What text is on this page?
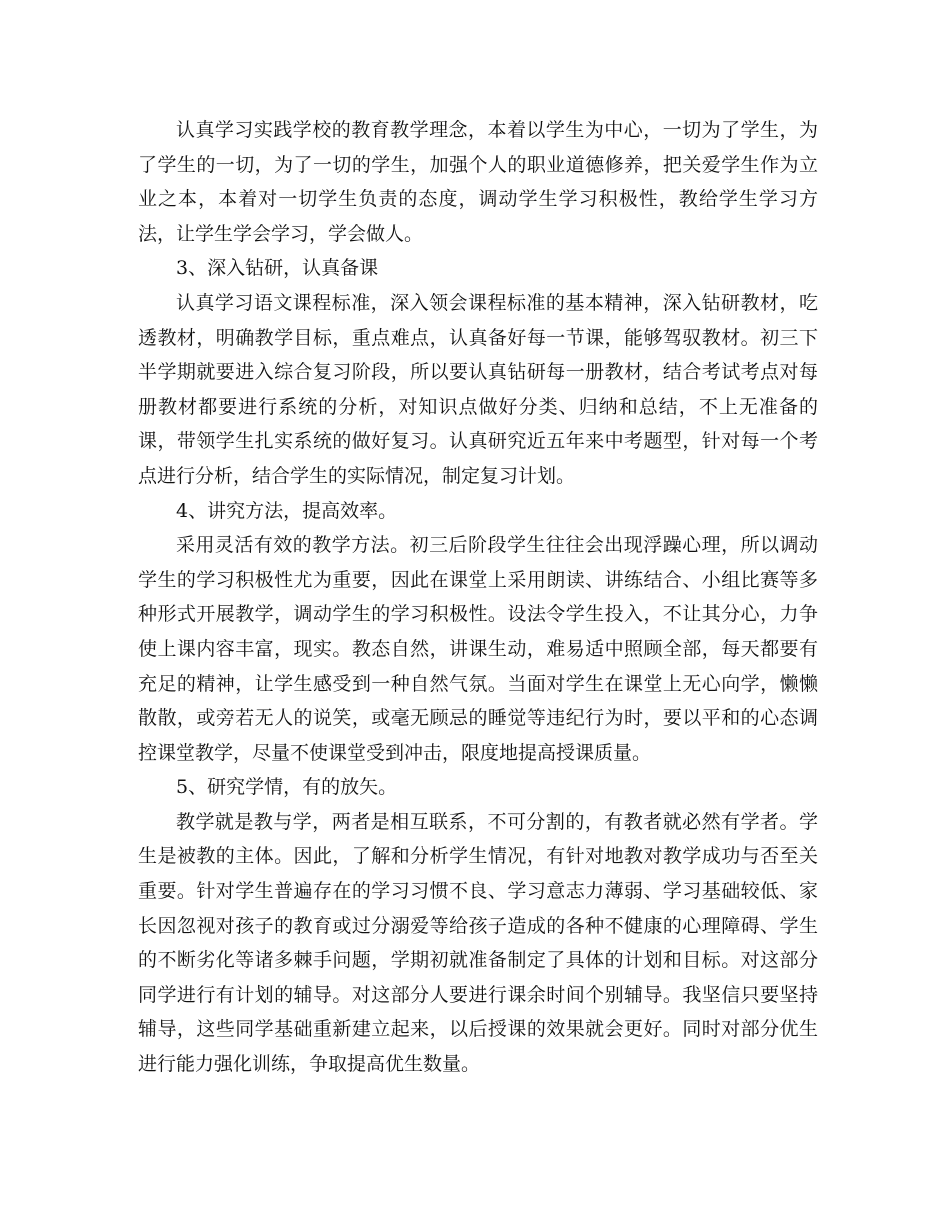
认真学习实践学校的教育教学理念，本着以学生为中心，一切为了学生，为了学生的一切，为了一切的学生，加强个人的职业道德修养，把关爱学生作为立业之本，本着对一切学生负责的态度，调动学生学习积极性，教给学生学习方法，让学生学会学习，学会做人。

3、深入钻研，认真备课

认真学习语文课程标准，深入领会课程标准的基本精神，深入钻研教材，吃透教材，明确教学目标，重点难点，认真备好每一节课，能够驾驭教材。初三下半学期就要进入综合复习阶段，所以要认真钻研每一册教材，结合考试考点对每册教材都要进行系统的分析，对知识点做好分类、归纳和总结，不上无准备的课，带领学生扎实系统的做好复习。认真研究近五年来中考题型，针对每一个考点进行分析，结合学生的实际情况，制定复习计划。

4、讲究方法，提高效率。

采用灵活有效的教学方法。初三后阶段学生往往会出现浮躁心理，所以调动学生的学习积极性尤为重要，因此在课堂上采用朗读、讲练结合、小组比赛等多种形式开展教学，调动学生的学习积极性。设法令学生投入，不让其分心，力争使上课内容丰富，现实。教态自然，讲课生动，难易适中照顾全部，每天都要有充足的精神，让学生感受到一种自然气氛。当面对学生在课堂上无心向学，懒懒散散，或旁若无人的说笑，或毫无顾忌的睡觉等违纪行为时，要以平和的心态调控课堂教学，尽量不使课堂受到冲击，限度地提高授课质量。

5、研究学情，有的放矢。

教学就是教与学，两者是相互联系，不可分割的，有教者就必然有学者。学生是被教的主体。因此，了解和分析学生情况，有针对地教对教学成功与否至关重要。针对学生普遍存在的学习习惯不良、学习意志力薄弱、学习基础较低、家长因忽视对孩子的教育或过分溺爱等给孩子造成的各种不健康的心理障碍、学生的不断劣化等诸多棘手问题，学期初就准备制定了具体的计划和目标。对这部分同学进行有计划的辅导。对这部分人要进行课余时间个别辅导。我坚信只要坚持辅导，这些同学基础重新建立起来，以后授课的效果就会更好。同时对部分优生进行能力强化训练，争取提高优生数量。
